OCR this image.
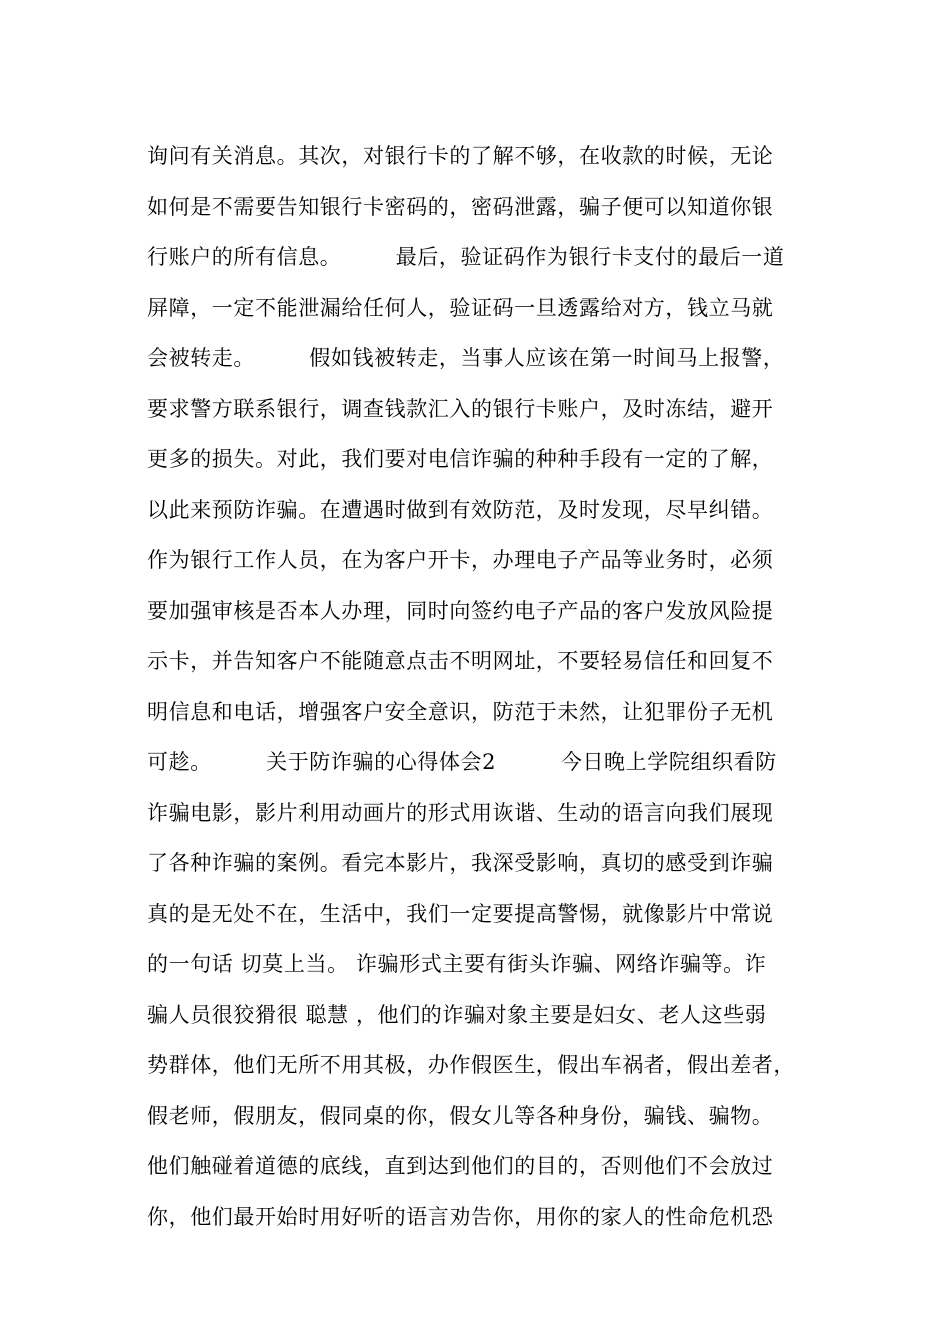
询问有关消息。其次，对银行卡的了解不够，在收款的时候，无论
如何是不需要告知银行卡密码的，密码泄露，骗子便可以知道你银
行账户的所有信息。　　　最后，验证码作为银行卡支付的最后一道
屏障，一定不能泄漏给任何人，验证码一旦透露给对方，钱立马就
会被转走。　　　假如钱被转走，当事人应该在第一时间马上报警，
要求警方联系银行，调查钱款汇入的银行卡账户，及时冻结，避开
更多的损失。对此，我们要对电信诈骗的种种手段有一定的了解，
以此来预防诈骗。在遭遇时做到有效防范，及时发现，尽早纠错。
作为银行工作人员，在为客户开卡，办理电子产品等业务时，必须
要加强审核是否本人办理，同时向签约电子产品的客户发放风险提
示卡，并告知客户不能随意点击不明网址，不要轻易信任和回复不
明信息和电话，增强客户安全意识，防范于未然，让犯罪份子无机
可趁。　　　关于防诈骗的心得体会2　　　今日晚上学院组织看防
诈骗电影，影片利用动画片的形式用诙谐、生动的语言向我们展现
了各种诈骗的案例。看完本影片，我深受影响，真切的感受到诈骗
真的是无处不在，生活中，我们一定要提高警惕，就像影片中常说
的一句话 切莫上当。 诈骗形式主要有街头诈骗、网络诈骗等。诈
骗人员很狡猾很 聪慧 ，他们的诈骗对象主要是妇女、老人这些弱
势群体，他们无所不用其极，办作假医生，假出车祸者，假出差者，
假老师，假朋友，假同桌的你，假女儿等各种身份，骗钱、骗物。
他们触碰着道德的底线，直到达到他们的目的，否则他们不会放过
你，他们最开始时用好听的语言劝告你，用你的家人的性命危机恐
